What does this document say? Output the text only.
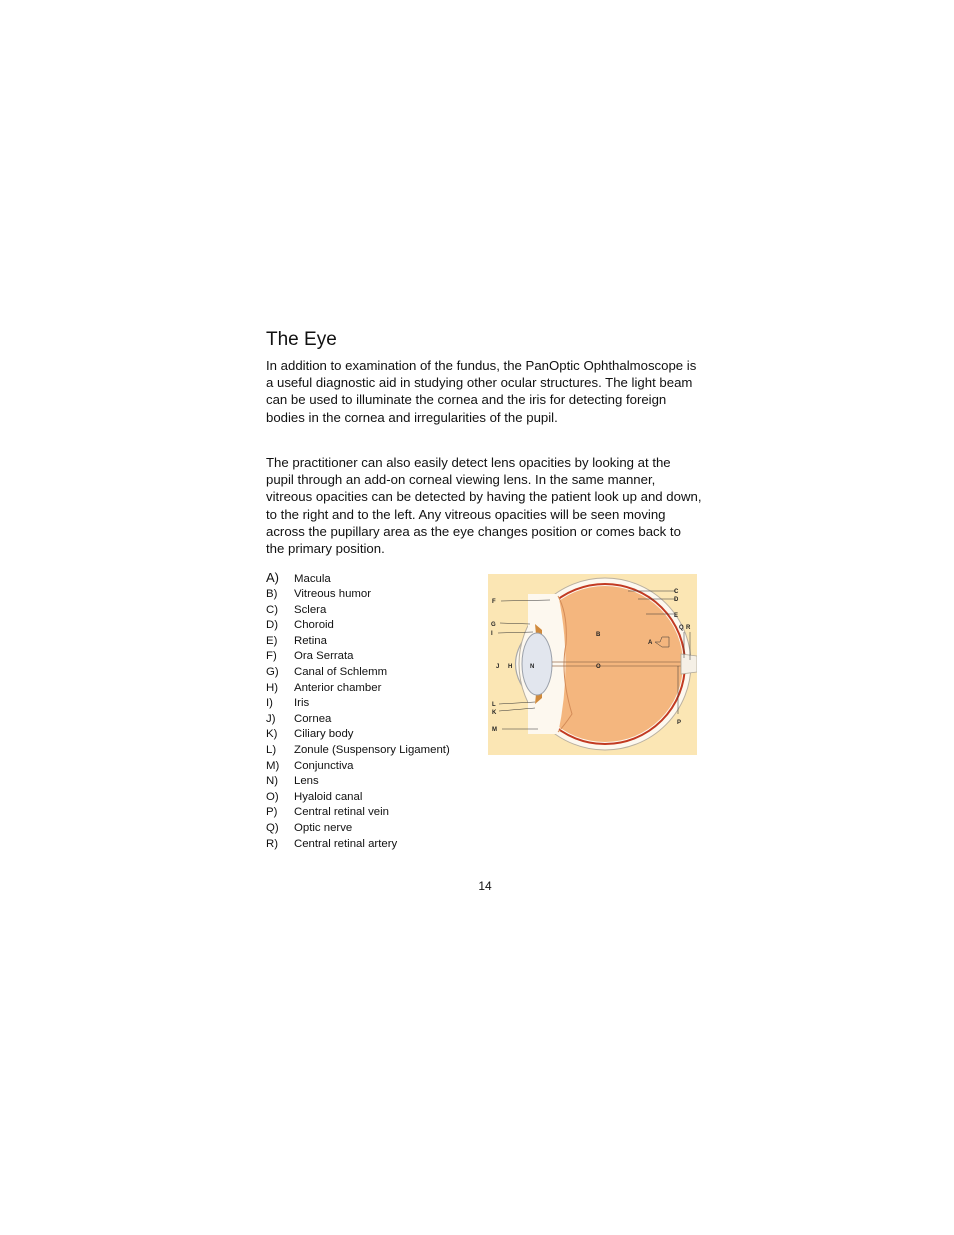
The Eye

In addition to examination of the fundus, the PanOptic Ophthalmoscope is a useful diagnostic aid in studying other ocular structures. The light beam can be used to illuminate the cornea and the iris for detecting foreign bodies in the cornea and irregularities of the pupil.

The practitioner can also easily detect lens opacities by looking at the pupil through an add-on corneal viewing lens. In the same manner, vitreous opacities can be detected by having the patient look up and down, to the right and to the left. Any vitreous opacities will be seen moving across the pupillary area as the eye changes position or comes back to the primary position.

A) Macula
B) Vitreous humor
C) Sclera
D) Choroid
E) Retina
F) Ora Serrata
G) Canal of Schlemm
H) Anterior chamber
I) Iris
J) Cornea
K) Ciliary body
L) Zonule (Suspensory Ligament)
M) Conjunctiva
N) Lens
O) Hyaloid canal
P) Central retinal vein
Q) Optic nerve
R) Central retinal artery
C
D
E
F
G
I
J H	N
B
O
A
Q R
L
K
M
P
14
